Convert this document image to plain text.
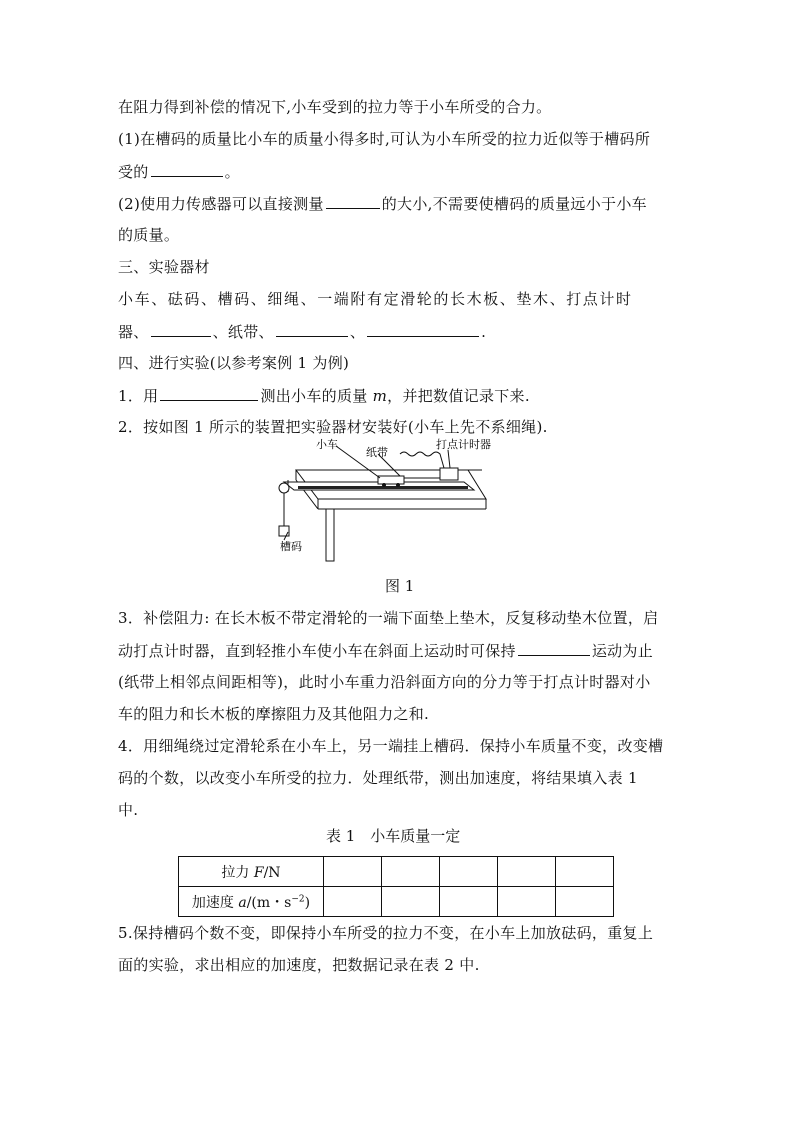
在阻力得到补偿的情况下,小车受到的拉力等于小车所受的合力。
(1)在槽码的质量比小车的质量小得多时,可认为小车所受的拉力近似等于槽码所
受的	。
(2)使用力传感器可以直接测量	的大小,不需要使槽码的质量远小于小车
的质量。
三、实验器材
小车、砝码、槽码、细绳、一端附有定滑轮的长木板、垫木、打点计时
器、	、纸带、	、	.
四、进行实验(以参考案例 1 为例)
1．用	测出小车的质量 m，并把数值记录下来.
2．按如图 1 所示的装置把实验器材安装好(小车上先不系细绳).
小车
纸带
打点计时器
槽码
图 1
3．补偿阻力: 在长木板不带定滑轮的一端下面垫上垫木，反复移动垫木位置，启
动打点计时器，直到轻推小车使小车在斜面上运动时可保持	运动为止
(纸带上相邻点间距相等)，此时小车重力沿斜面方向的分力等于打点计时器对小
车的阻力和长木板的摩擦阻力及其他阻力之和.
4．用细绳绕过定滑轮系在小车上，另一端挂上槽码．保持小车质量不变，改变槽
码的个数，以改变小车所受的拉力．处理纸带，测出加速度，将结果填入表 1
中.
表 1　小车质量一定
拉力 F/N					
加速度 a/(m・$s^{-2}$)					
5.保持槽码个数不变，即保持小车所受的拉力不变，在小车上加放砝码，重复上
面的实验，求出相应的加速度，把数据记录在表 2 中.
